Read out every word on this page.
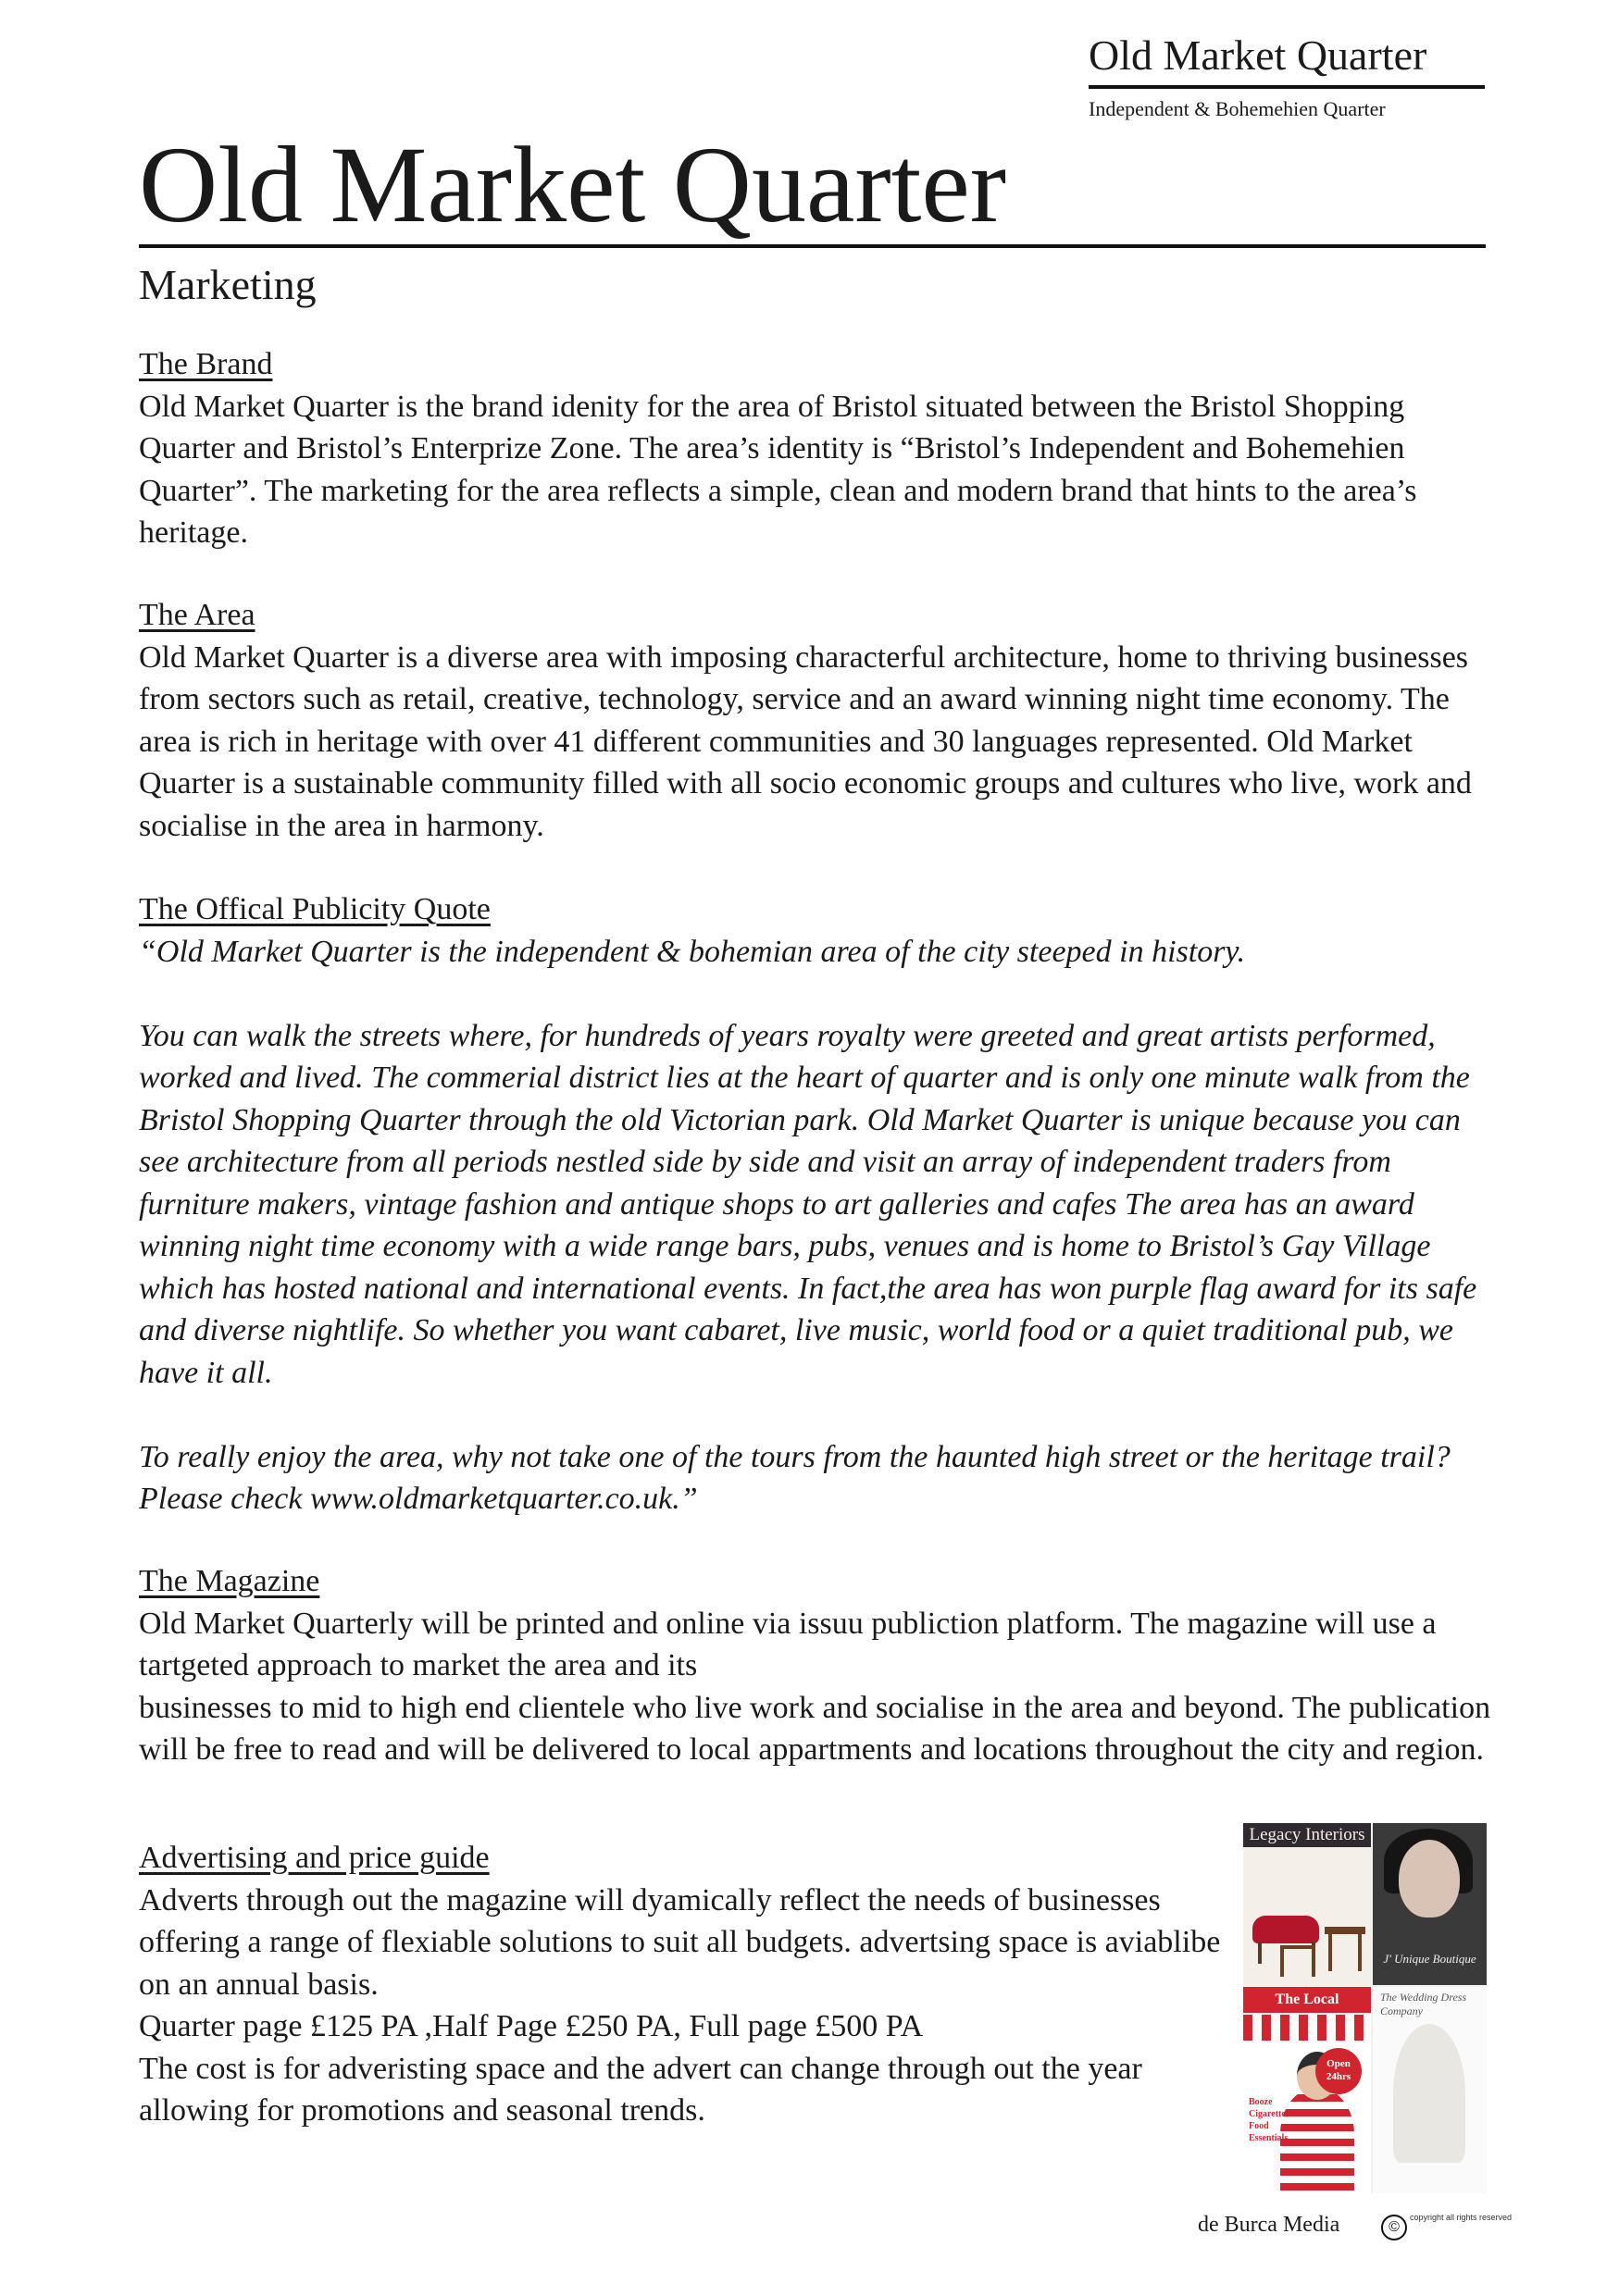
Old Market Quarter
Independent & Bohemehien Quarter
Old Market Quarter
Marketing
The Brand

Old Market Quarter is the brand idenity for the area of Bristol situated between the Bristol Shopping Quarter and Bristol’s Enterprize Zone. The area’s identity is “Bristol’s Independent and Bohemehien Quarter”. The marketing for the area reflects a simple, clean and modern brand that hints to the area’s heritage.

The Area

Old Market Quarter is a diverse area with imposing characterful architecture, home to thriving businesses from sectors such as retail, creative, technology, service and an award winning night time economy. The area is rich in heritage with over 41 different communities and 30 languages represented. Old Market Quarter is a sustainable community filled with all socio economic groups and cultures who live, work and socialise in the area in harmony.

The Offical Publicity Quote

“Old Market Quarter is the independent & bohemian area of the city steeped in history.

You can walk the streets where, for hundreds of years royalty were greeted and great artists performed, worked and lived. The commerial district lies at the heart of quarter and is only one minute walk from the Bristol Shopping Quarter through the old Victorian park. Old Market Quarter is unique because you can see architecture from all periods nestled side by side and visit an array of independent traders from furniture makers, vintage fashion and antique shops to art galleries and cafes The area has an award winning night time economy with a wide range bars, pubs, venues and is home to Bristol’s Gay Village which has hosted national and international events. In fact,the area has won purple flag award for its safe and diverse nightlife. So whether you want cabaret, live music, world food or a quiet traditional pub, we have it all.

To really enjoy the area, why not take one of the tours from the haunted high street or the heritage trail? Please check www.oldmarketquarter.co.uk.”

The Magazine

Old Market Quarterly will be printed and online via issuu publiction platform. The magazine will use a tartgeted approach to market the area and its

businesses to mid to high end clientele who live work and socialise in the area and beyond. The publication will be free to read and will be delivered to local appartments and locations throughout the city and region.

Advertising and price guide

Adverts through out the magazine will dyamically reflect the needs of businesses offering a range of flexiable solutions to suit all budgets. advertsing space is aviablibe on an annual basis.

Quarter page £125 PA ,Half Page £250 PA, Full page £500 PA

The cost is for adveristing space and the advert can change through out the year allowing for promotions and seasonal trends.

Legacy Interiors
J' Unique Boutique
The Local
Open 24hrs
Booze
Cigarettes
Food
Essentials
The Wedding Dress Company
de Burca Media	©
copyright all rights reserved
